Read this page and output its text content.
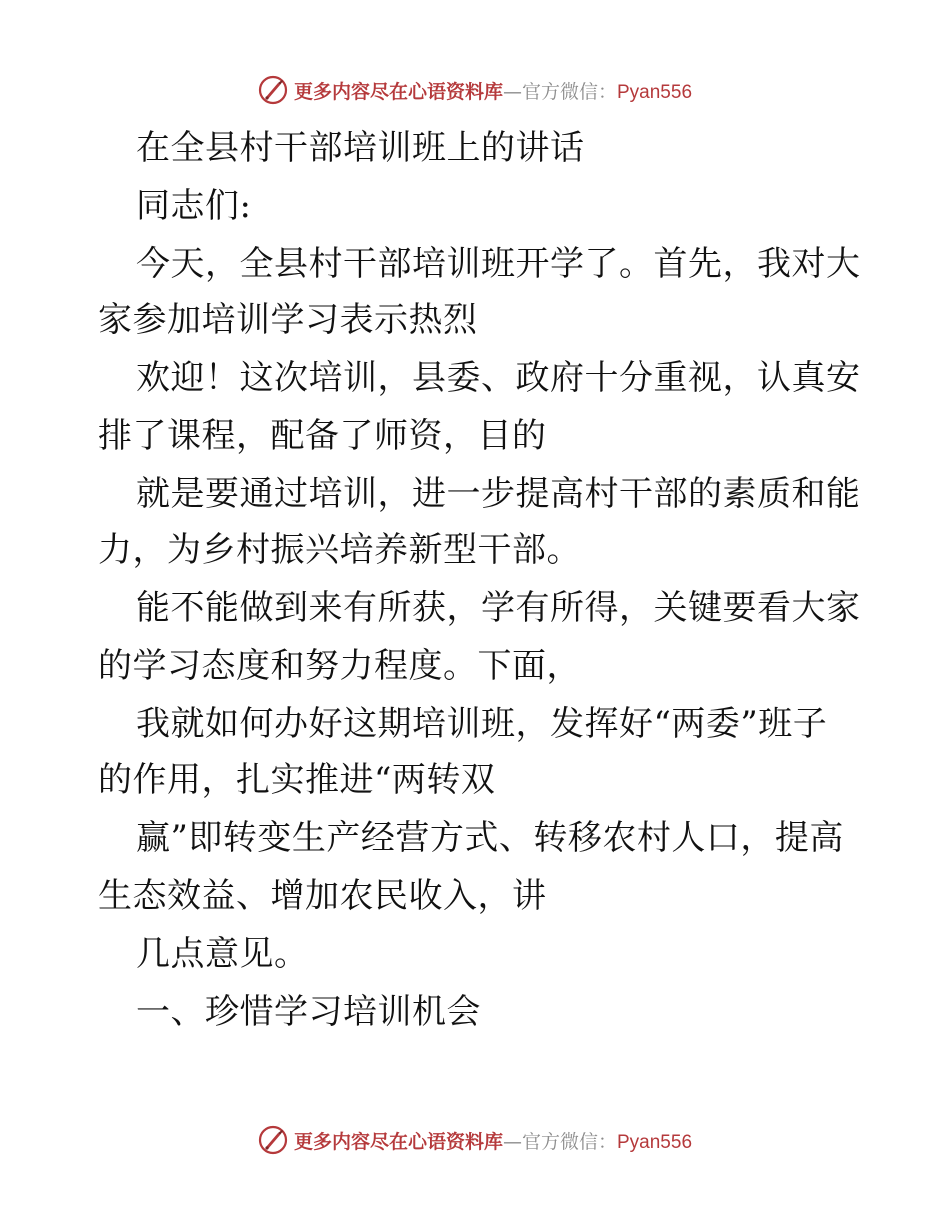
更多内容尽在心语资料库—官方微信：Pyan556
在全县村干部培训班上的讲话
同志们:
今天，全县村干部培训班开学了。首先，我对大
家参加培训学习表示热烈
欢迎！这次培训，县委、政府十分重视，认真安
排了课程，配备了师资，目的
就是要通过培训，进一步提高村干部的素质和能
力，为乡村振兴培养新型干部。
能不能做到来有所获，学有所得，关键要看大家
的学习态度和努力程度。下面，
我就如何办好这期培训班，发挥好“两委”班子
的作用，扎实推进“两转双
赢”即转变生产经营方式、转移农村人口，提高
生态效益、增加农民收入，讲
几点意见。
一、珍惜学习培训机会
更多内容尽在心语资料库—官方微信：Pyan556
